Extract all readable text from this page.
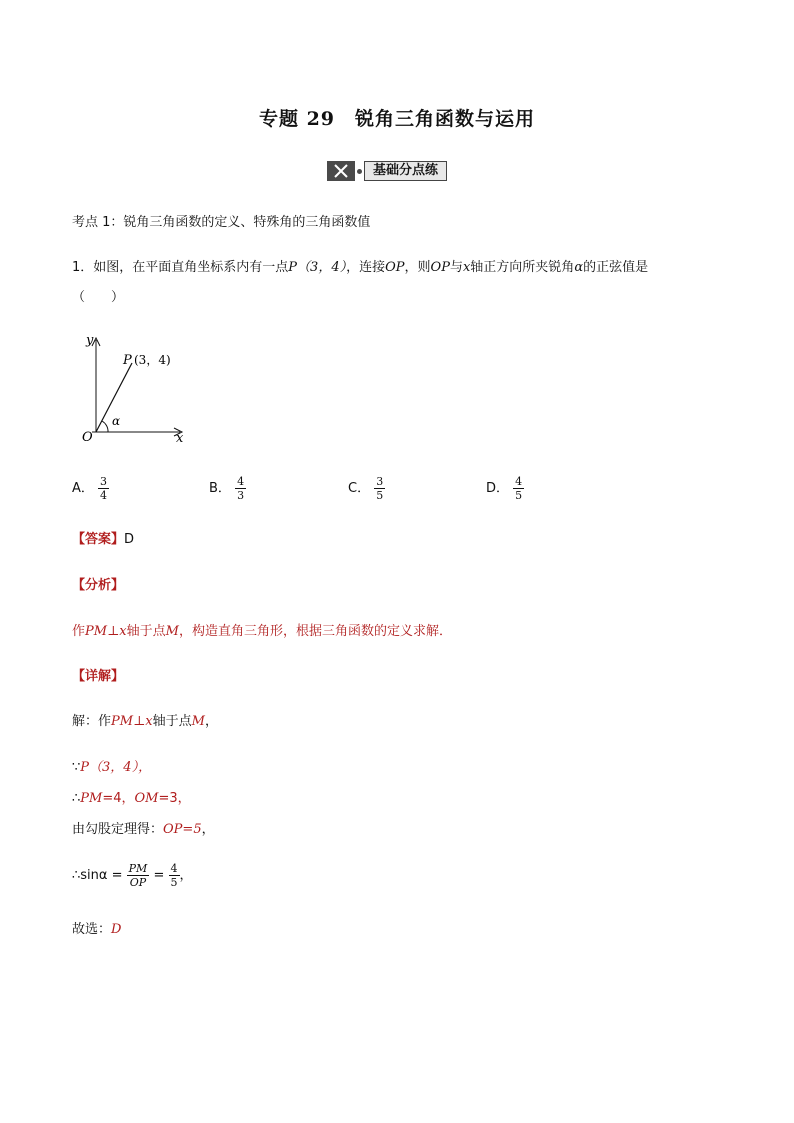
专题 29　锐角三角函数与运用
基础分点练
考点 1：锐角三角函数的定义、特殊角的三角函数值
1．如图，在平面直角坐标系内有一点P（3，4），连接OP，则OP与x轴正方向所夹锐角α的正弦值是
（　　）
y
x
O
P (3，4)
α
A． $\frac{3}{4}$	B． $\frac{4}{3}$	C． $\frac{3}{5}$	D． $\frac{4}{5}$
【答案】D
【分析】
作PM⊥x轴于点M，构造直角三角形，根据三角函数的定义求解．
【详解】
解：作PM⊥x轴于点M，
∵P（3，4），
∴PM=4，OM=3，
由勾股定理得：OP=5，
∴sinα = $\frac{PM}{OP} = \frac{4}{5}$ ，
故选：D
